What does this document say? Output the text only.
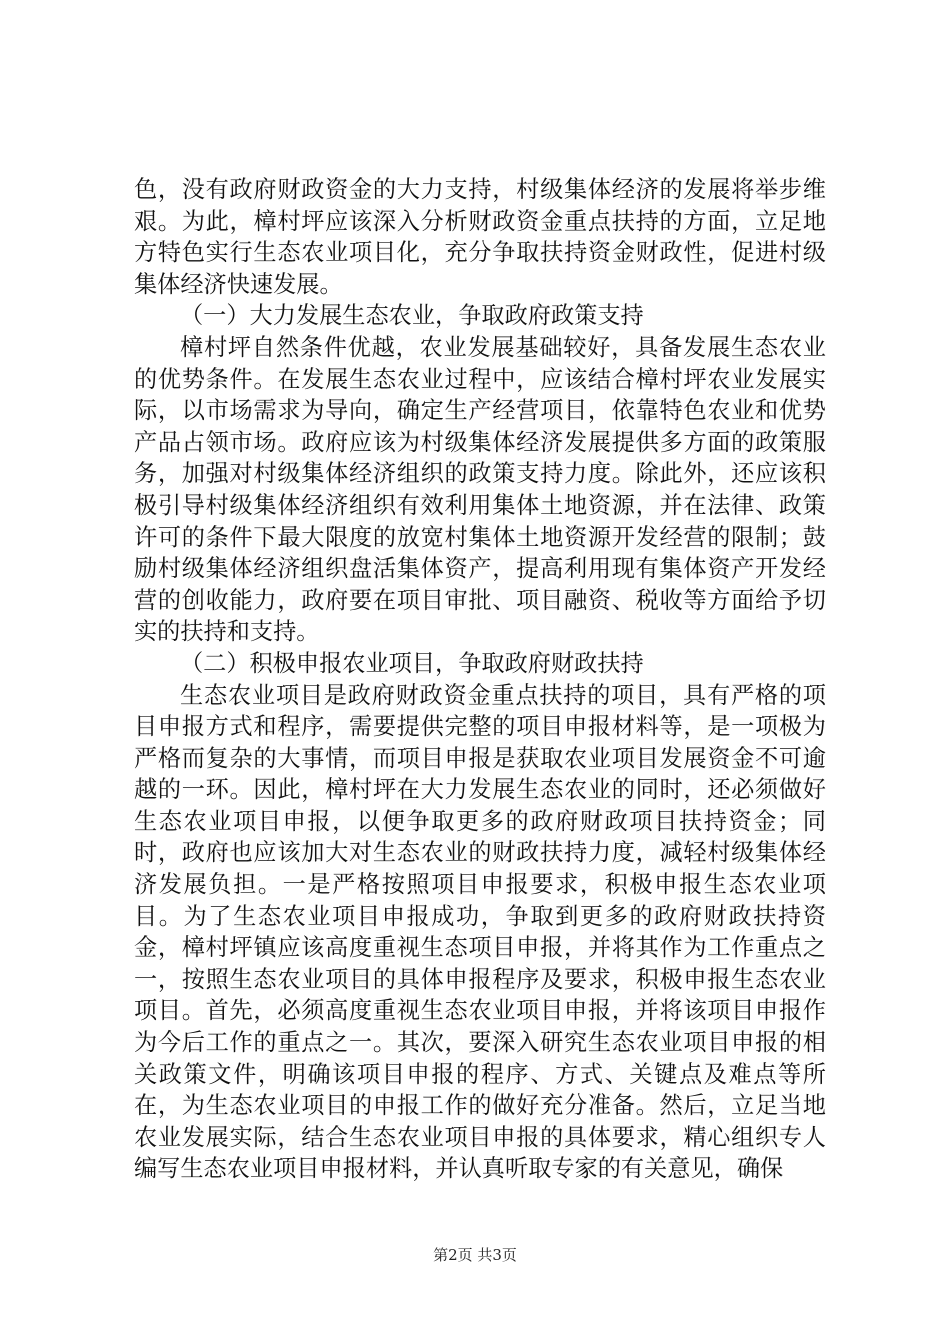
色，没有政府财政资金的大力支持，村级集体经济的发展将举步维艰。为此，樟村坪应该深入分析财政资金重点扶持的方面，立足地方特色实行生态农业项目化，充分争取扶持资金财政性，促进村级集体经济快速发展。

（一）大力发展生态农业，争取政府政策支持

樟村坪自然条件优越，农业发展基础较好，具备发展生态农业的优势条件。在发展生态农业过程中，应该结合樟村坪农业发展实际，以市场需求为导向，确定生产经营项目，依靠特色农业和优势产品占领市场。政府应该为村级集体经济发展提供多方面的政策服务，加强对村级集体经济组织的政策支持力度。除此外，还应该积极引导村级集体经济组织有效利用集体土地资源，并在法律、政策许可的条件下最大限度的放宽村集体土地资源开发经营的限制；鼓励村级集体经济组织盘活集体资产，提高利用现有集体资产开发经营的创收能力，政府要在项目审批、项目融资、税收等方面给予切实的扶持和支持。

（二）积极申报农业项目，争取政府财政扶持

生态农业项目是政府财政资金重点扶持的项目，具有严格的项目申报方式和程序，需要提供完整的项目申报材料等，是一项极为严格而复杂的大事情，而项目申报是获取农业项目发展资金不可逾越的一环。因此，樟村坪在大力发展生态农业的同时，还必须做好生态农业项目申报，以便争取更多的政府财政项目扶持资金；同时，政府也应该加大对生态农业的财政扶持力度，减轻村级集体经济发展负担。一是严格按照项目申报要求，积极申报生态农业项目。为了生态农业项目申报成功，争取到更多的政府财政扶持资金，樟村坪镇应该高度重视生态项目申报，并将其作为工作重点之一，按照生态农业项目的具体申报程序及要求，积极申报生态农业项目。首先，必须高度重视生态农业项目申报，并将该项目申报作为今后工作的重点之一。其次，要深入研究生态农业项目申报的相关政策文件，明确该项目申报的程序、方式、关键点及难点等所在，为生态农业项目的申报工作的做好充分准备。然后，立足当地农业发展实际，结合生态农业项目申报的具体要求，精心组织专人编写生态农业项目申报材料，并认真听取专家的有关意见，确保

第2页 共3页
